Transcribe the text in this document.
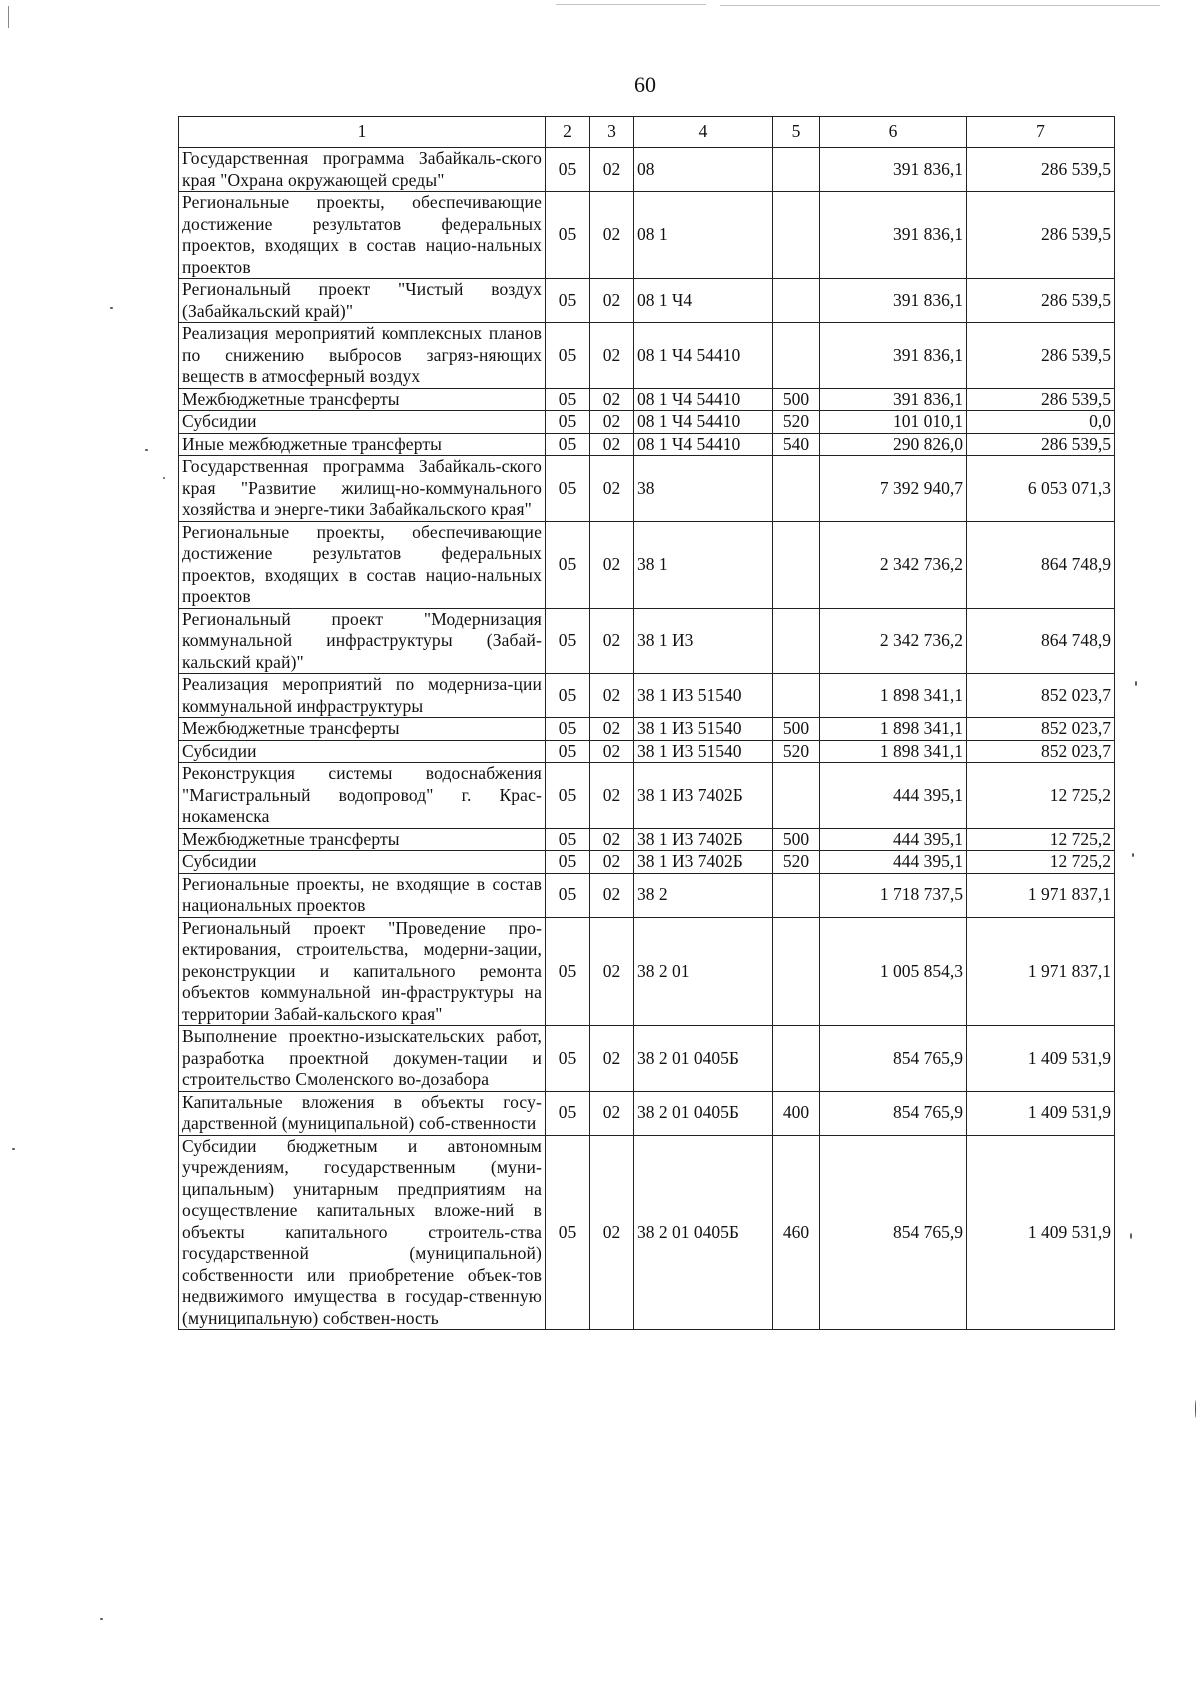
60
1	2	3	4	5	6	7
Государственная программа Забайкаль-ского края "Охрана окружающей среды"	05	02	08		391 836,1	286 539,5
Региональные проекты, обеспечивающие достижение результатов федеральных проектов, входящих в состав нацио-нальных проектов	05	02	08 1		391 836,1	286 539,5
Региональный проект "Чистый воздух (Забайкальский край)"	05	02	08 1 Ч4		391 836,1	286 539,5
Реализация мероприятий комплексных планов по снижению выбросов загряз-няющих веществ в атмосферный воздух	05	02	08 1 Ч4 54410		391 836,1	286 539,5
Межбюджетные трансферты	05	02	08 1 Ч4 54410	500	391 836,1	286 539,5
Субсидии	05	02	08 1 Ч4 54410	520	101 010,1	0,0
Иные межбюджетные трансферты	05	02	08 1 Ч4 54410	540	290 826,0	286 539,5
Государственная программа Забайкаль-ского края "Развитие жилищ-но-коммунального хозяйства и энерге-тики Забайкальского края"	05	02	38		7 392 940,7	6 053 071,3
Региональные проекты, обеспечивающие достижение результатов федеральных проектов, входящих в состав нацио-нальных проектов	05	02	38 1		2 342 736,2	864 748,9
Региональный проект "Модернизация коммунальной инфраструктуры (Забай-кальский край)"	05	02	38 1 И3		2 342 736,2	864 748,9
Реализация мероприятий по модерниза-ции коммунальной инфраструктуры	05	02	38 1 И3 51540		1 898 341,1	852 023,7
Межбюджетные трансферты	05	02	38 1 И3 51540	500	1 898 341,1	852 023,7
Субсидии	05	02	38 1 И3 51540	520	1 898 341,1	852 023,7
Реконструкция системы водоснабжения "Магистральный водопровод" г. Крас-нокаменска	05	02	38 1 И3 7402Б		444 395,1	12 725,2
Межбюджетные трансферты	05	02	38 1 И3 7402Б	500	444 395,1	12 725,2
Субсидии	05	02	38 1 И3 7402Б	520	444 395,1	12 725,2
Региональные проекты, не входящие в состав национальных проектов	05	02	38 2		1 718 737,5	1 971 837,1
Региональный проект "Проведение про-ектирования, строительства, модерни-зации, реконструкции и капитального ремонта объектов коммунальной ин-фраструктуры на территории Забай-кальского края"	05	02	38 2 01		1 005 854,3	1 971 837,1
Выполнение проектно-изыскательских работ, разработка проектной докумен-тации и строительство Смоленского во-дозабора	05	02	38 2 01 0405Б		854 765,9	1 409 531,9
Капитальные вложения в объекты госу-дарственной (муниципальной) соб-ственности	05	02	38 2 01 0405Б	400	854 765,9	1 409 531,9
Субсидии бюджетным и автономным учреждениям, государственным (муни-ципальным) унитарным предприятиям на осуществление капитальных вложе-ний в объекты капитального строитель-ства государственной (муниципальной) собственности или приобретение объек-тов недвижимого имущества в государ-ственную (муниципальную) собствен-ность	05	02	38 2 01 0405Б	460	854 765,9	1 409 531,9
